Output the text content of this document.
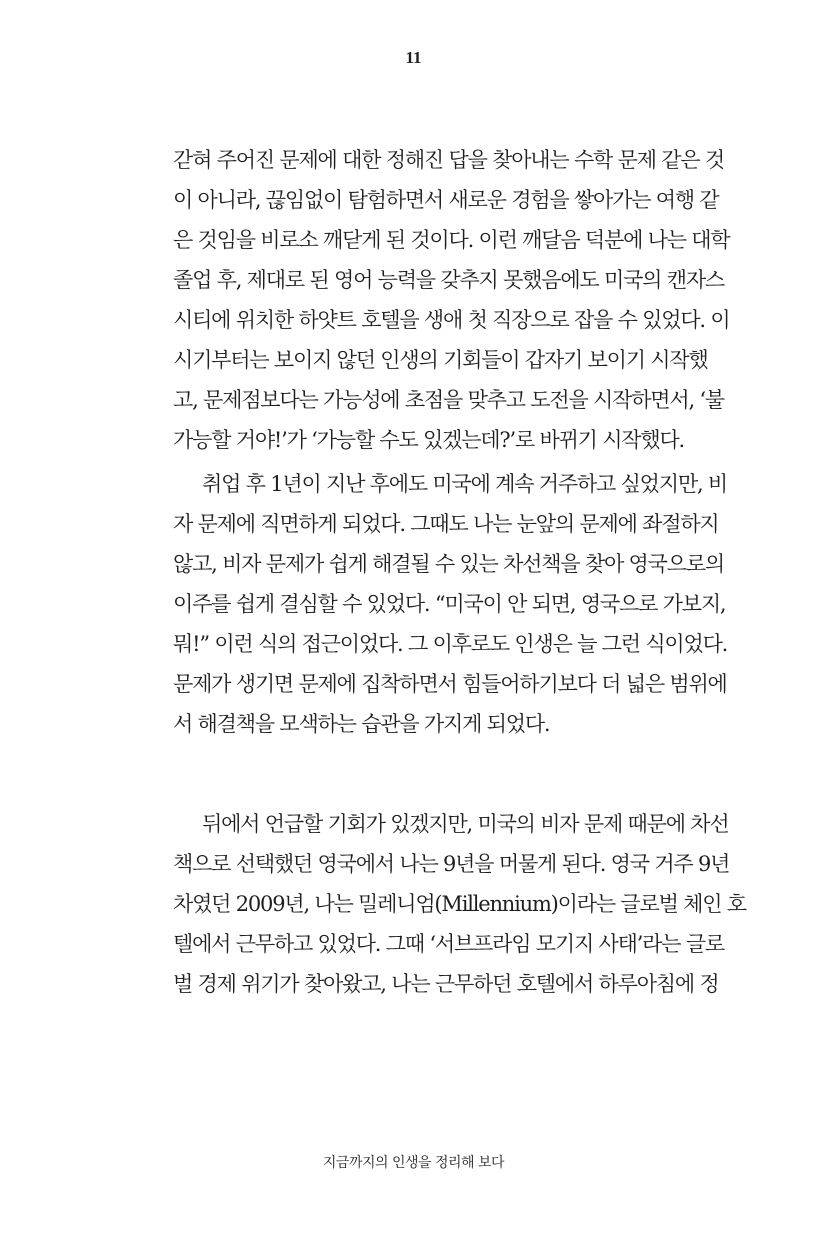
11
갇혀 주어진 문제에 대한 정해진 답을 찾아내는 수학 문제 같은 것
이 아니라, 끊임없이 탐험하면서 새로운 경험을 쌓아가는 여행 같
은 것임을 비로소 깨닫게 된 것이다. 이런 깨달음 덕분에 나는 대학
졸업 후, 제대로 된 영어 능력을 갖추지 못했음에도 미국의 캔자스
시티에 위치한 하얏트 호텔을 생애 첫 직장으로 잡을 수 있었다. 이
시기부터는 보이지 않던 인생의 기회들이 갑자기 보이기 시작했
고, 문제점보다는 가능성에 초점을 맞추고 도전을 시작하면서, ‘불
가능할 거야!’가 ‘가능할 수도 있겠는데?’로 바뀌기 시작했다.
취업 후 1년이 지난 후에도 미국에 계속 거주하고 싶었지만, 비
자 문제에 직면하게 되었다. 그때도 나는 눈앞의 문제에 좌절하지
않고, 비자 문제가 쉽게 해결될 수 있는 차선책을 찾아 영국으로의
이주를 쉽게 결심할 수 있었다. “미국이 안 되면, 영국으로 가보지,
뭐!” 이런 식의 접근이었다. 그 이후로도 인생은 늘 그런 식이었다.
문제가 생기면 문제에 집착하면서 힘들어하기보다 더 넓은 범위에
서 해결책을 모색하는 습관을 가지게 되었다.
뒤에서 언급할 기회가 있겠지만, 미국의 비자 문제 때문에 차선
책으로 선택했던 영국에서 나는 9년을 머물게 된다. 영국 거주 9년
차였던 2009년, 나는 밀레니엄(Millennium)이라는 글로벌 체인 호
텔에서 근무하고 있었다. 그때 ‘서브프라임 모기지 사태’라는 글로
벌 경제 위기가 찾아왔고, 나는 근무하던 호텔에서 하루아침에 정
지금까지의 인생을 정리해 보다
